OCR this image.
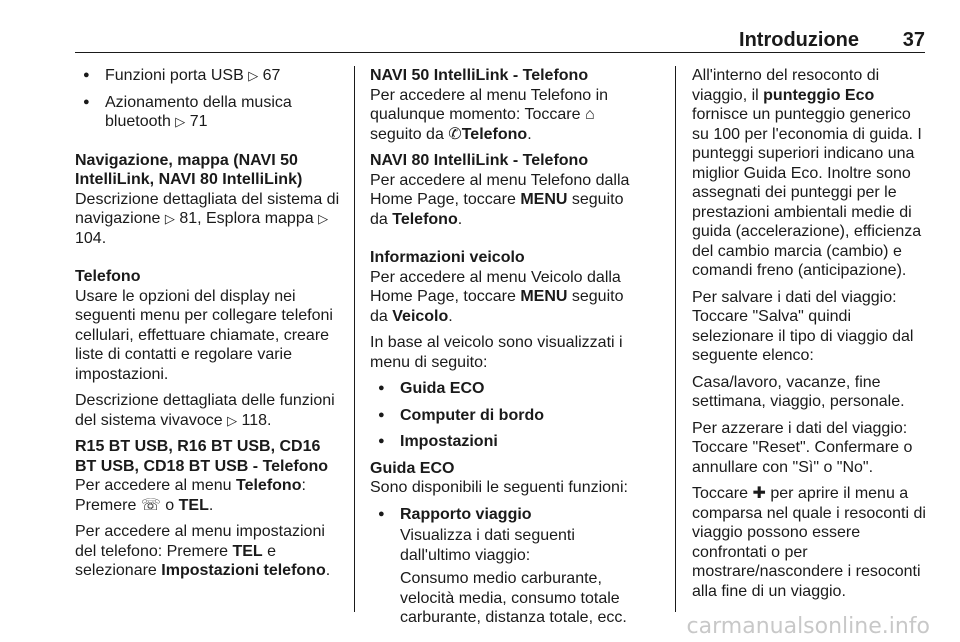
Introduzione 37
● Funzioni porta USB ▷ 67
● Azionamento della musica bluetooth ▷ 71

Navigazione, mappa (NAVI 50 IntelliLink, NAVI 80 IntelliLink)

Descrizione dettagliata del sistema di navigazione ▷ 81, Esplora mappa ▷ 104.

Telefono

Usare le opzioni del display nei seguenti menu per collegare telefoni cellulari, effettuare chiamate, creare liste di contatti e regolare varie impostazioni.

Descrizione dettagliata delle funzioni del sistema vivavoce ▷ 118.

R15 BT USB, R16 BT USB, CD16 BT USB, CD18 BT USB - Telefono

Per accedere al menu Telefono:
Premere ☏ o TEL.

Per accedere al menu impostazioni del telefono: Premere TEL e selezionare Impostazioni telefono.

NAVI 50 IntelliLink - Telefono

Per accedere al menu Telefono in qualunque momento: Toccare ⌂ seguito da ✆Telefono.

NAVI 80 IntelliLink - Telefono

Per accedere al menu Telefono dalla Home Page, toccare MENU seguito da Telefono.

Informazioni veicolo

Per accedere al menu Veicolo dalla Home Page, toccare MENU seguito da Veicolo.

In base al veicolo sono visualizzati i menu di seguito:

● Guida ECO
● Computer di bordo
● Impostazioni

Guida ECO

Sono disponibili le seguenti funzioni:

● Rapporto viaggio
Visualizza i dati seguenti dall'ultimo viaggio:
Consumo medio carburante, velocità media, consumo totale carburante, distanza totale, ecc.

All'interno del resoconto di viaggio, il punteggio Eco fornisce un punteggio generico su 100 per l'economia di guida. I punteggi superiori indicano una miglior Guida Eco. Inoltre sono assegnati dei punteggi per le prestazioni ambientali medie di guida (accelerazione), efficienza del cambio marcia (cambio) e comandi freno (anticipazione).

Per salvare i dati del viaggio: Toccare "Salva" quindi selezionare il tipo di viaggio dal seguente elenco:

Casa/lavoro, vacanze, fine settimana, viaggio, personale.

Per azzerare i dati del viaggio: Toccare "Reset". Confermare o annullare con "Sì" o "No".

Toccare ✚ per aprire il menu a comparsa nel quale i resoconti di viaggio possono essere confrontati o per mostrare/nascondere i resoconti alla fine di un viaggio.

carmanualsonline.info
